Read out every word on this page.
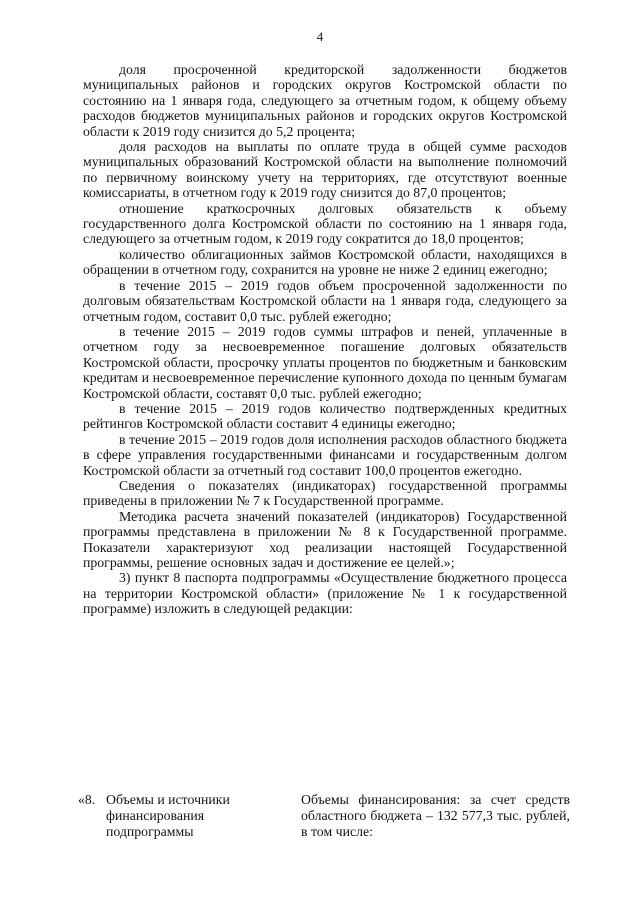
4

доля просроченной кредиторской задолженности бюджетов муниципальных районов и городских округов Костромской области по состоянию на 1 января года, следующего за отчетным годом, к общему объему расходов бюджетов муниципальных районов и городских округов Костромской области к 2019 году снизится до 5,2 процента;

доля расходов на выплаты по оплате труда в общей сумме расходов муниципальных образований Костромской области на выполнение полномочий по первичному воинскому учету на территориях, где отсутствуют военные комиссариаты, в отчетном году к 2019 году снизится до 87,0 процентов;

отношение краткосрочных долговых обязательств к объему государственного долга Костромской области по состоянию на 1 января года, следующего за отчетным годом, к 2019 году сократится до 18,0 процентов;

количество облигационных займов Костромской области, находящихся в обращении в отчетном году, сохранится на уровне не ниже 2 единиц ежегодно;

в течение 2015 – 2019 годов объем просроченной задолженности по долговым обязательствам Костромской области на 1 января года, следующего за отчетным годом, составит 0,0 тыс. рублей ежегодно;

в течение 2015 – 2019 годов суммы штрафов и пеней, уплаченные в отчетном году за несвоевременное погашение долговых обязательств Костромской области, просрочку уплаты процентов по бюджетным и банковским кредитам и несвоевременное перечисление купонного дохода по ценным бумагам Костромской области, составят 0,0 тыс. рублей ежегодно;

в течение 2015 – 2019 годов количество подтвержденных кредитных рейтингов Костромской области составит 4 единицы ежегодно;

в течение 2015 – 2019 годов доля исполнения расходов областного бюджета в сфере управления государственными финансами и государственным долгом Костромской области за отчетный год составит 100,0 процентов ежегодно.

Сведения о показателях (индикаторах) государственной программы приведены в приложении № 7 к Государственной программе.

Методика расчета значений показателей (индикаторов) Государственной программы представлена в приложении № 8 к Государственной программе. Показатели характеризуют ход реализации настоящей Государственной программы, решение основных задач и достижение ее целей.»;

3) пункт 8 паспорта подпрограммы «Осуществление бюджетного процесса на территории Костромской области» (приложение № 1 к государственной программе) изложить в следующей редакции:

«8. Объемы и источники
финансирования
подпрограммы
Объемы финансирования: за счет средств областного бюджета – 132 577,3 тыс. рублей, в том числе:
